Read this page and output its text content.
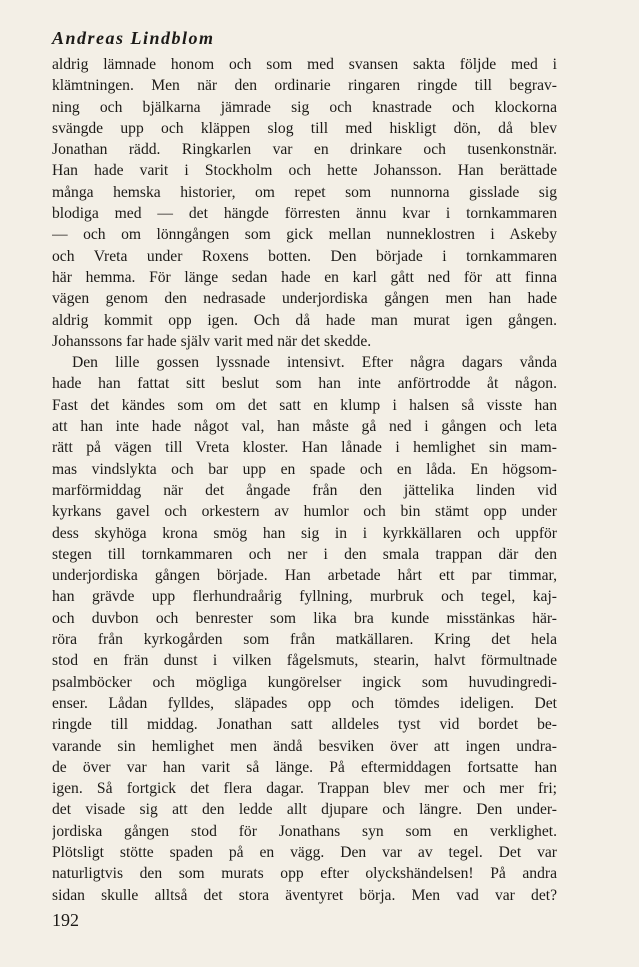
Andreas Lindblom
aldrig lämnade honom och som med svansen sakta följde med i
klämtningen. Men när den ordinarie ringaren ringde till begrav-
ning och bjälkarna jämrade sig och knastrade och klockorna
svängde upp och kläppen slog till med hiskligt dön, då blev
Jonathan rädd. Ringkarlen var en drinkare och tusenkonstnär.
Han hade varit i Stockholm och hette Johansson. Han berättade
många hemska historier, om repet som nunnorna gisslade sig
blodiga med — det hängde förresten ännu kvar i tornkammaren
— och om lönngången som gick mellan nunneklostren i Askeby
och Vreta under Roxens botten. Den började i tornkammaren
här hemma. För länge sedan hade en karl gått ned för att finna
vägen genom den nedrasade underjordiska gången men han hade
aldrig kommit opp igen. Och då hade man murat igen gången.
Johanssons far hade själv varit med när det skedde.
Den lille gossen lyssnade intensivt. Efter några dagars vånda
hade han fattat sitt beslut som han inte anförtrodde åt någon.
Fast det kändes som om det satt en klump i halsen så visste han
att han inte hade något val, han måste gå ned i gången och leta
rätt på vägen till Vreta kloster. Han lånade i hemlighet sin mam-
mas vindslykta och bar upp en spade och en låda. En högsom-
marförmiddag när det ångade från den jättelika linden vid
kyrkans gavel och orkestern av humlor och bin stämt opp under
dess skyhöga krona smög han sig in i kyrkkällaren och uppför
stegen till tornkammaren och ner i den smala trappan där den
underjordiska gången började. Han arbetade hårt ett par timmar,
han grävde upp flerhundraårig fyllning, murbruk och tegel, kaj-
och duvbon och benrester som lika bra kunde misstänkas här-
röra från kyrkogården som från matkällaren. Kring det hela
stod en frän dunst i vilken fågelsmuts, stearin, halvt förmultnade
psalmböcker och mögliga kungörelser ingick som huvudingredi-
enser. Lådan fylldes, släpades opp och tömdes ideligen. Det
ringde till middag. Jonathan satt alldeles tyst vid bordet be-
varande sin hemlighet men ändå besviken över att ingen undra-
de över var han varit så länge. På eftermiddagen fortsatte han
igen. Så fortgick det flera dagar. Trappan blev mer och mer fri;
det visade sig att den ledde allt djupare och längre. Den under-
jordiska gången stod för Jonathans syn som en verklighet.
Plötsligt stötte spaden på en vägg. Den var av tegel. Det var
naturligtvis den som murats opp efter olyckshändelsen! På andra
sidan skulle alltså det stora äventyret börja. Men vad var det?
192
